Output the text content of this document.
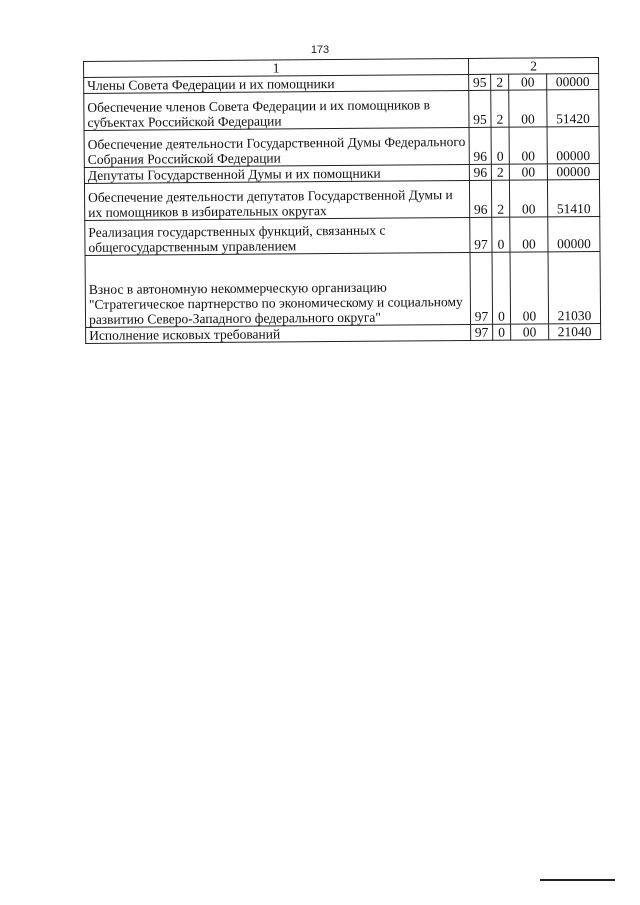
173
1	2			
Члены Совета Федерации и их помощники	95	2	00	00000
Обеспечение членов Совета Федерации и их помощников в субъектах Российской Федерации	95	2	00	51420
Обеспечение деятельности Государственной Думы Федерального Собрания Российской Федерации	96	0	00	00000
Депутаты Государственной Думы и их помощники	96	2	00	00000
Обеспечение деятельности депутатов Государственной Думы и их помощников в избирательных округах	96	2	00	51410
Реализация государственных функций, связанных с общегосударственным управлением	97	0	00	00000
Взнос в автономную некоммерческую организацию "Стратегическое партнерство по экономическому и социальному развитию Северо-Западного федерального округа"	97	0	00	21030
Исполнение исковых требований	97	0	00	21040
